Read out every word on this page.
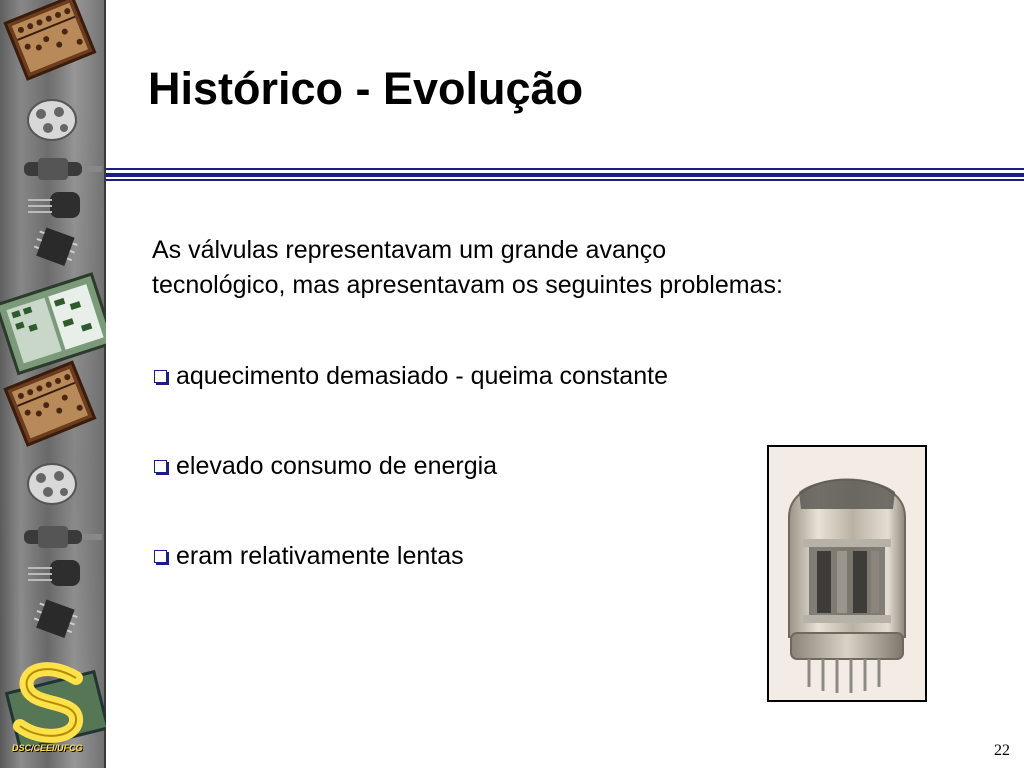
DSC/CEEI/UFCG
Histórico - Evolução

As válvulas representavam um grande avanço
tecnológico, mas apresentavam os seguintes problemas:

aquecimento demasiado - queima constante
elevado consumo de energia
eram relativamente lentas
22
